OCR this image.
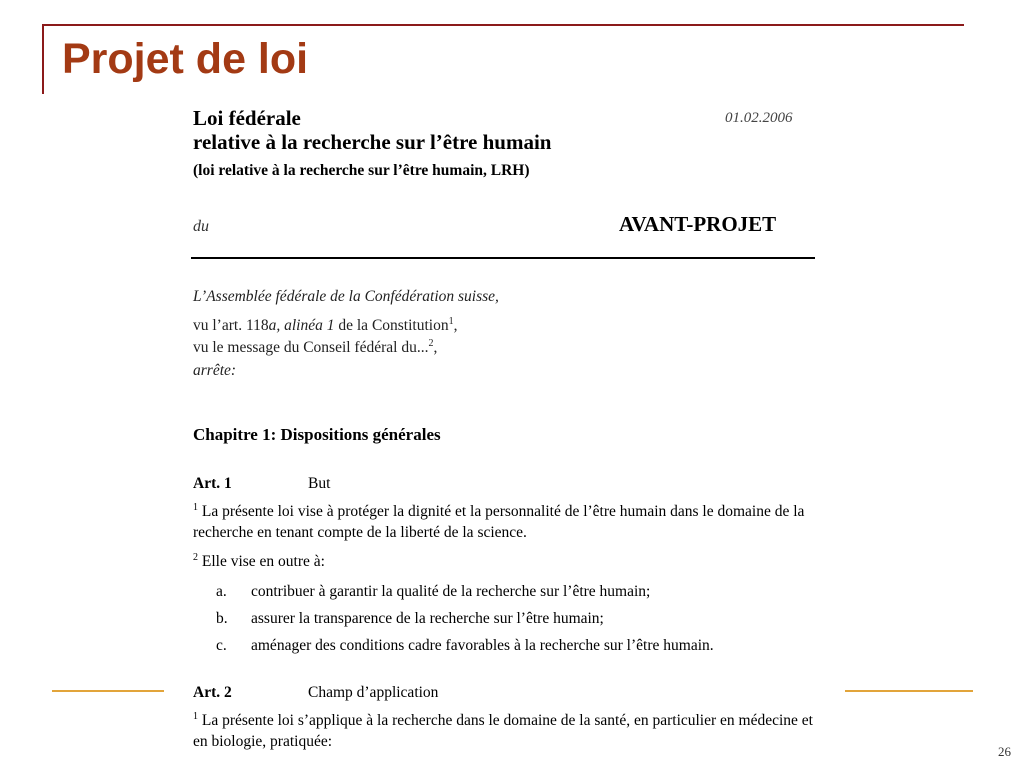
Projet de loi
Loi fédérale
relative à la recherche sur l’être humain
(loi relative à la recherche sur l’être humain, LRH)
01.02.2006
du	AVANT-PROJET
L’Assemblée fédérale de la Confédération suisse,
vu l’art. 118a, alinéa 1 de la Constitution$^1$,
vu le message du Conseil fédéral du...$^2$,
arrête:
Chapitre 1: Dispositions générales
Art. 1	But
$^1$ La présente loi vise à protéger la dignité et la personnalité de l’être humain dans le domaine de la recherche en tenant compte de la liberté de la science.
$^2$ Elle vise en outre à:
a. contribuer à garantir la qualité de la recherche sur l’être humain;
b. assurer la transparence de la recherche sur l’être humain;
c. aménager des conditions cadre favorables à la recherche sur l’être humain.
Art. 2	Champ d’application
$^1$ La présente loi s’applique à la recherche dans le domaine de la santé, en particulier en médecine et en biologie, pratiquée:
26
